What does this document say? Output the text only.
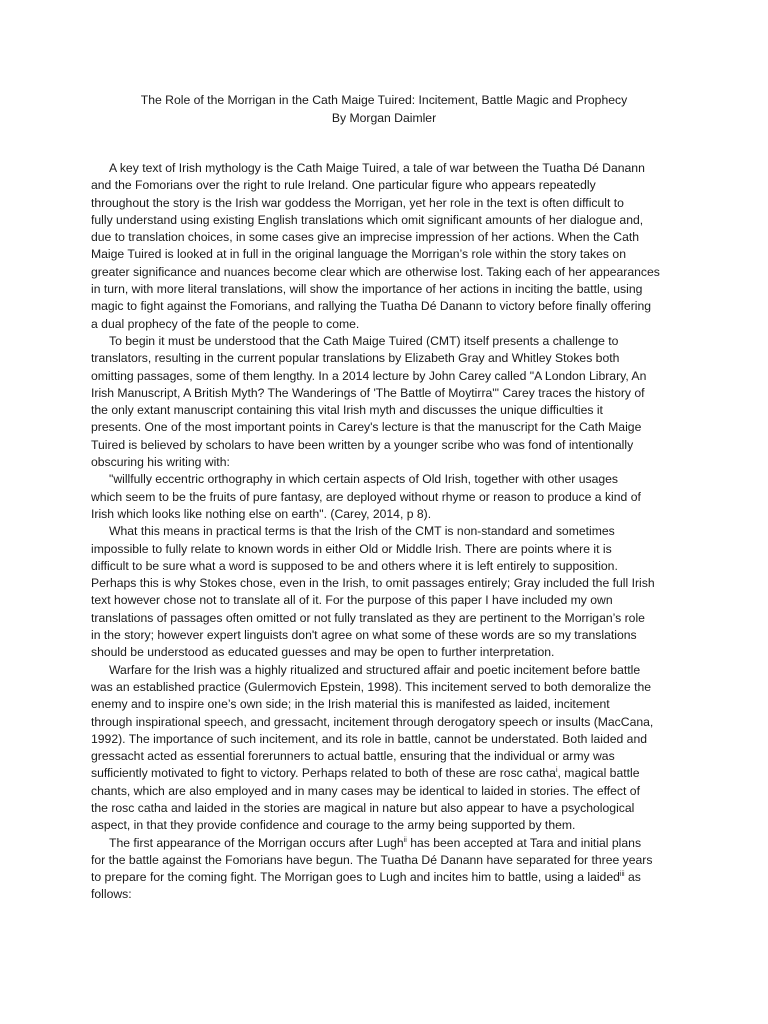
The Role of the Morrigan in the Cath Maige Tuired: Incitement, Battle Magic and Prophecy
By Morgan Daimler
A key text of Irish mythology is the Cath Maige Tuired, a tale of war between the Tuatha Dé Danann
and the Fomorians over the right to rule Ireland. One particular figure who appears repeatedly
throughout the story is the Irish war goddess the Morrigan, yet her role in the text is often difficult to
fully understand using existing English translations which omit significant amounts of her dialogue and,
due to translation choices, in some cases give an imprecise impression of her actions. When the Cath
Maige Tuired is looked at in full in the original language the Morrigan’s role within the story takes on
greater significance and nuances become clear which are otherwise lost. Taking each of her appearances
in turn, with more literal translations, will show the importance of her actions in inciting the battle, using
magic to fight against the Fomorians, and rallying the Tuatha Dé Danann to victory before finally offering
a dual prophecy of the fate of the people to come.
To begin it must be understood that the Cath Maige Tuired (CMT) itself presents a challenge to
translators, resulting in the current popular translations by Elizabeth Gray and Whitley Stokes both
omitting passages, some of them lengthy. In a 2014 lecture by John Carey called "A London Library, An
Irish Manuscript, A British Myth? The Wanderings of 'The Battle of Moytirra'" Carey traces the history of
the only extant manuscript containing this vital Irish myth and discusses the unique difficulties it
presents. One of the most important points in Carey's lecture is that the manuscript for the Cath Maige
Tuired is believed by scholars to have been written by a younger scribe who was fond of intentionally
obscuring his writing with:
"willfully eccentric orthography in which certain aspects of Old Irish, together with other usages
which seem to be the fruits of pure fantasy, are deployed without rhyme or reason to produce a kind of
Irish which looks like nothing else on earth". (Carey, 2014, p 8).
What this means in practical terms is that the Irish of the CMT is non-standard and sometimes
impossible to fully relate to known words in either Old or Middle Irish. There are points where it is
difficult to be sure what a word is supposed to be and others where it is left entirely to supposition.
Perhaps this is why Stokes chose, even in the Irish, to omit passages entirely; Gray included the full Irish
text however chose not to translate all of it. For the purpose of this paper I have included my own
translations of passages often omitted or not fully translated as they are pertinent to the Morrigan’s role
in the story; however expert linguists don't agree on what some of these words are so my translations
should be understood as educated guesses and may be open to further interpretation.
Warfare for the Irish was a highly ritualized and structured affair and poetic incitement before battle
was an established practice (Gulermovich Epstein, 1998). This incitement served to both demoralize the
enemy and to inspire one’s own side; in the Irish material this is manifested as laided, incitement
through inspirational speech, and gressacht, incitement through derogatory speech or insults (MacCana,
1992). The importance of such incitement, and its role in battle, cannot be understated. Both laided and
gressacht acted as essential forerunners to actual battle, ensuring that the individual or army was
sufficiently motivated to fight to victory. Perhaps related to both of these are rosc catha$^i$, magical battle
chants, which are also employed and in many cases may be identical to laided in stories. The effect of
the rosc catha and laided in the stories are magical in nature but also appear to have a psychological
aspect, in that they provide confidence and courage to the army being supported by them.
The first appearance of the Morrigan occurs after Lugh$^{ii}$ has been accepted at Tara and initial plans
for the battle against the Fomorians have begun. The Tuatha Dé Danann have separated for three years
to prepare for the coming fight. The Morrigan goes to Lugh and incites him to battle, using a laided$^{iii}$ as
follows:
